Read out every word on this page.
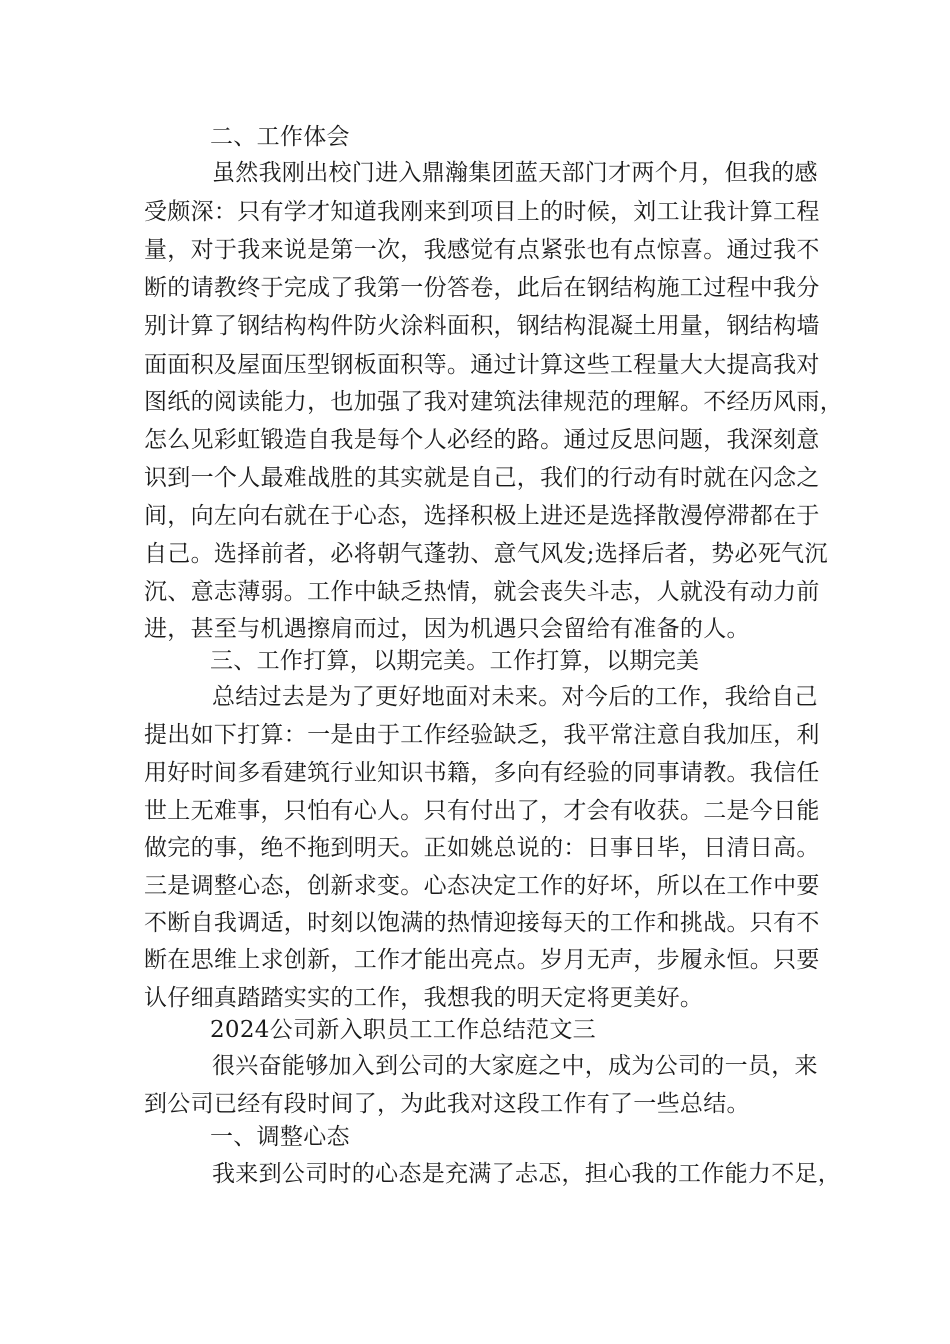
二、工作体会
虽然我刚出校门进入鼎瀚集团蓝天部门才两个月，但我的感
受颇深：只有学才知道我刚来到项目上的时候，刘工让我计算工程
量，对于我来说是第一次，我感觉有点紧张也有点惊喜。通过我不
断的请教终于完成了我第一份答卷，此后在钢结构施工过程中我分
别计算了钢结构构件防火涂料面积，钢结构混凝土用量，钢结构墙
面面积及屋面压型钢板面积等。通过计算这些工程量大大提高我对
图纸的阅读能力，也加强了我对建筑法律规范的理解。不经历风雨，
怎么见彩虹锻造自我是每个人必经的路。通过反思问题，我深刻意
识到一个人最难战胜的其实就是自己，我们的行动有时就在闪念之
间，向左向右就在于心态，选择积极上进还是选择散漫停滞都在于
自己。选择前者，必将朝气蓬勃、意气风发;选择后者，势必死气沉
沉、意志薄弱。工作中缺乏热情，就会丧失斗志，人就没有动力前
进，甚至与机遇擦肩而过，因为机遇只会留给有准备的人。
三、工作打算，以期完美。工作打算，以期完美
总结过去是为了更好地面对未来。对今后的工作，我给自己
提出如下打算：一是由于工作经验缺乏，我平常注意自我加压，利
用好时间多看建筑行业知识书籍，多向有经验的同事请教。我信任
世上无难事，只怕有心人。只有付出了，才会有收获。二是今日能
做完的事，绝不拖到明天。正如姚总说的：日事日毕，日清日高。
三是调整心态，创新求变。心态决定工作的好坏，所以在工作中要
不断自我调适，时刻以饱满的热情迎接每天的工作和挑战。只有不
断在思维上求创新，工作才能出亮点。岁月无声，步履永恒。只要
认仔细真踏踏实实的工作，我想我的明天定将更美好。
2024公司新入职员工工作总结范文三
很兴奋能够加入到公司的大家庭之中，成为公司的一员，来
到公司已经有段时间了，为此我对这段工作有了一些总结。
一、调整心态
我来到公司时的心态是充满了忐忑，担心我的工作能力不足，
